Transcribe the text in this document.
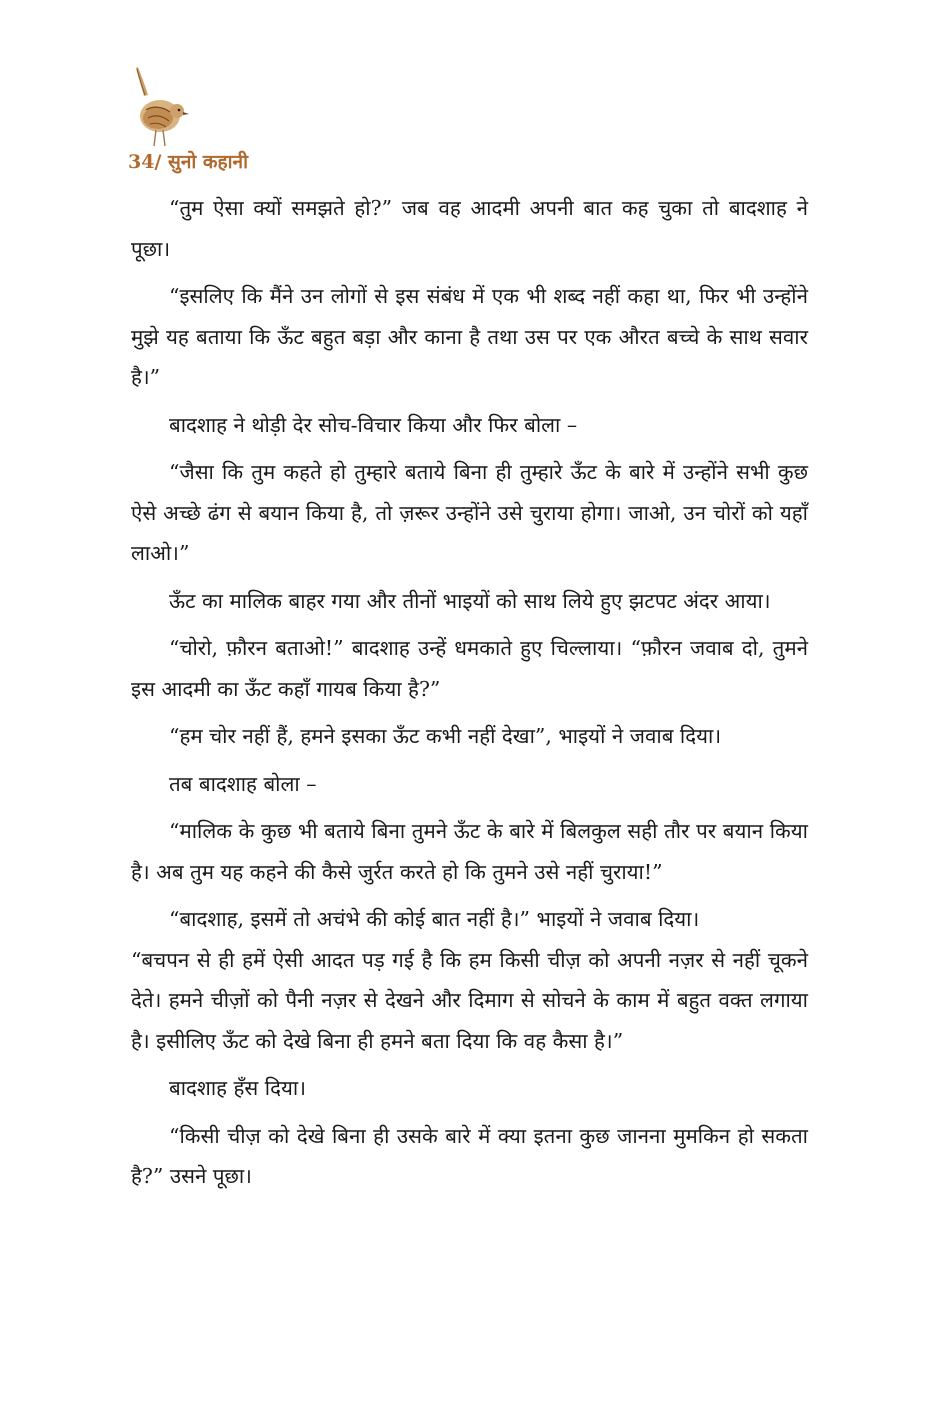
34/ सुनो कहानी

“तुम ऐसा क्यों समझते हो?” जब वह आदमी अपनी बात कह चुका तो बादशाह ने पूछा।

“इसलिए कि मैंने उन लोगों से इस संबंध में एक भी शब्द नहीं कहा था, फिर भी उन्होंने मुझे यह बताया कि ऊँट बहुत बड़ा और काना है तथा उस पर एक औरत बच्चे के साथ सवार है।”

बादशाह ने थोड़ी देर सोच-विचार किया और फिर बोला –

“जैसा कि तुम कहते हो तुम्हारे बताये बिना ही तुम्हारे ऊँट के बारे में उन्होंने सभी कुछ ऐसे अच्छे ढंग से बयान किया है, तो ज़रूर उन्होंने उसे चुराया होगा। जाओ, उन चोरों को यहाँ लाओ।”

ऊँट का मालिक बाहर गया और तीनों भाइयों को साथ लिये हुए झटपट अंदर आया।

“चोरो, फ़ौरन बताओ!” बादशाह उन्हें धमकाते हुए चिल्लाया। “फ़ौरन जवाब दो, तुमने इस आदमी का ऊँट कहाँ गायब किया है?”

“हम चोर नहीं हैं, हमने इसका ऊँट कभी नहीं देखा”, भाइयों ने जवाब दिया।

तब बादशाह बोला –

“मालिक के कुछ भी बताये बिना तुमने ऊँट के बारे में बिलकुल सही तौर पर बयान किया है। अब तुम यह कहने की कैसे जुर्रत करते हो कि तुमने उसे नहीं चुराया!”

“बादशाह, इसमें तो अचंभे की कोई बात नहीं है।” भाइयों ने जवाब दिया।

“बचपन से ही हमें ऐसी आदत पड़ गई है कि हम किसी चीज़ को अपनी नज़र से नहीं चूकने देते। हमने चीज़ों को पैनी नज़र से देखने और दिमाग से सोचने के काम में बहुत वक्त लगाया है। इसीलिए ऊँट को देखे बिना ही हमने बता दिया कि वह कैसा है।”

बादशाह हँस दिया।

“किसी चीज़ को देखे बिना ही उसके बारे में क्या इतना कुछ जानना मुमकिन हो सकता है?” उसने पूछा।
